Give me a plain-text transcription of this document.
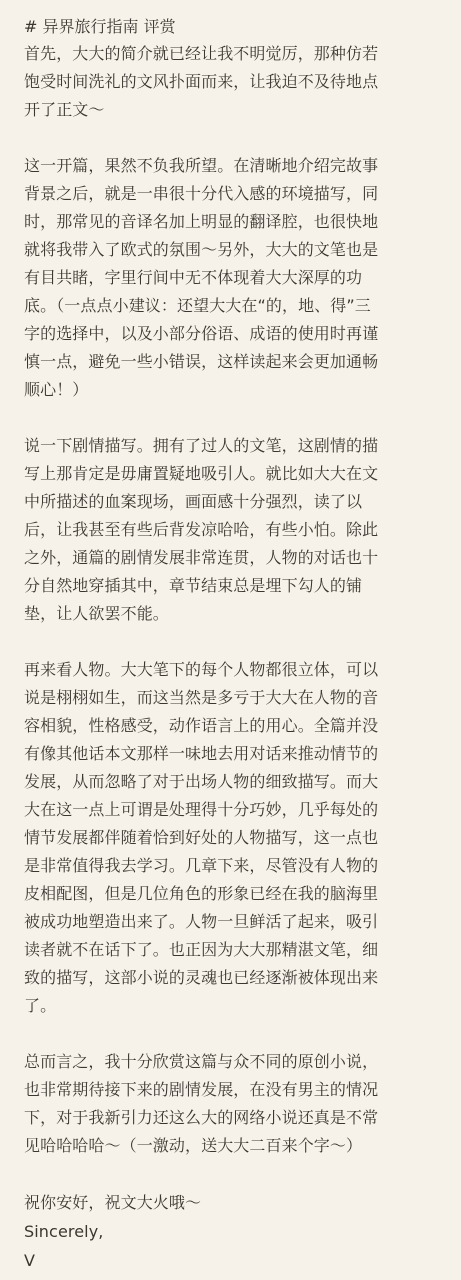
# 异界旅行指南 评赏

首先，大大的简介就已经让我不明觉厉，那种仿若
饱受时间洗礼的文风扑面而来，让我迫不及待地点
开了正文～

这一开篇，果然不负我所望。在清晰地介绍完故事
背景之后，就是一串很十分代入感的环境描写，同
时，那常见的音译名加上明显的翻译腔，也很快地
就将我带入了欧式的氛围～另外，大大的文笔也是
有目共睹，字里行间中无不体现着大大深厚的功
底。（一点点小建议：还望大大在“的，地、得”三
字的选择中，以及小部分俗语、成语的使用时再谨
慎一点，避免一些小错误，这样读起来会更加通畅
顺心！）

说一下剧情描写。拥有了过人的文笔，这剧情的描
写上那肯定是毋庸置疑地吸引人。就比如大大在文
中所描述的血案现场，画面感十分强烈，读了以
后，让我甚至有些后背发凉哈哈，有些小怕。除此
之外，通篇的剧情发展非常连贯，人物的对话也十
分自然地穿插其中，章节结束总是埋下勾人的铺
垫，让人欲罢不能。

再来看人物。大大笔下的每个人物都很立体，可以
说是栩栩如生，而这当然是多亏于大大在人物的音
容相貌，性格感受，动作语言上的用心。全篇并没
有像其他话本文那样一味地去用对话来推动情节的
发展，从而忽略了对于出场人物的细致描写。而大
大在这一点上可谓是处理得十分巧妙，几乎每处的
情节发展都伴随着恰到好处的人物描写，这一点也
是非常值得我去学习。几章下来，尽管没有人物的
皮相配图，但是几位角色的形象已经在我的脑海里
被成功地塑造出来了。人物一旦鲜活了起来，吸引
读者就不在话下了。也正因为大大那精湛文笔，细
致的描写，这部小说的灵魂也已经逐渐被体现出来
了。

总而言之，我十分欣赏这篇与众不同的原创小说，
也非常期待接下来的剧情发展，在没有男主的情况
下，对于我新引力还这么大的网络小说还真是不常
见哈哈哈哈～（一激动，送大大二百来个字～）

祝你安好，祝文大火哦～
Sincerely,
V
